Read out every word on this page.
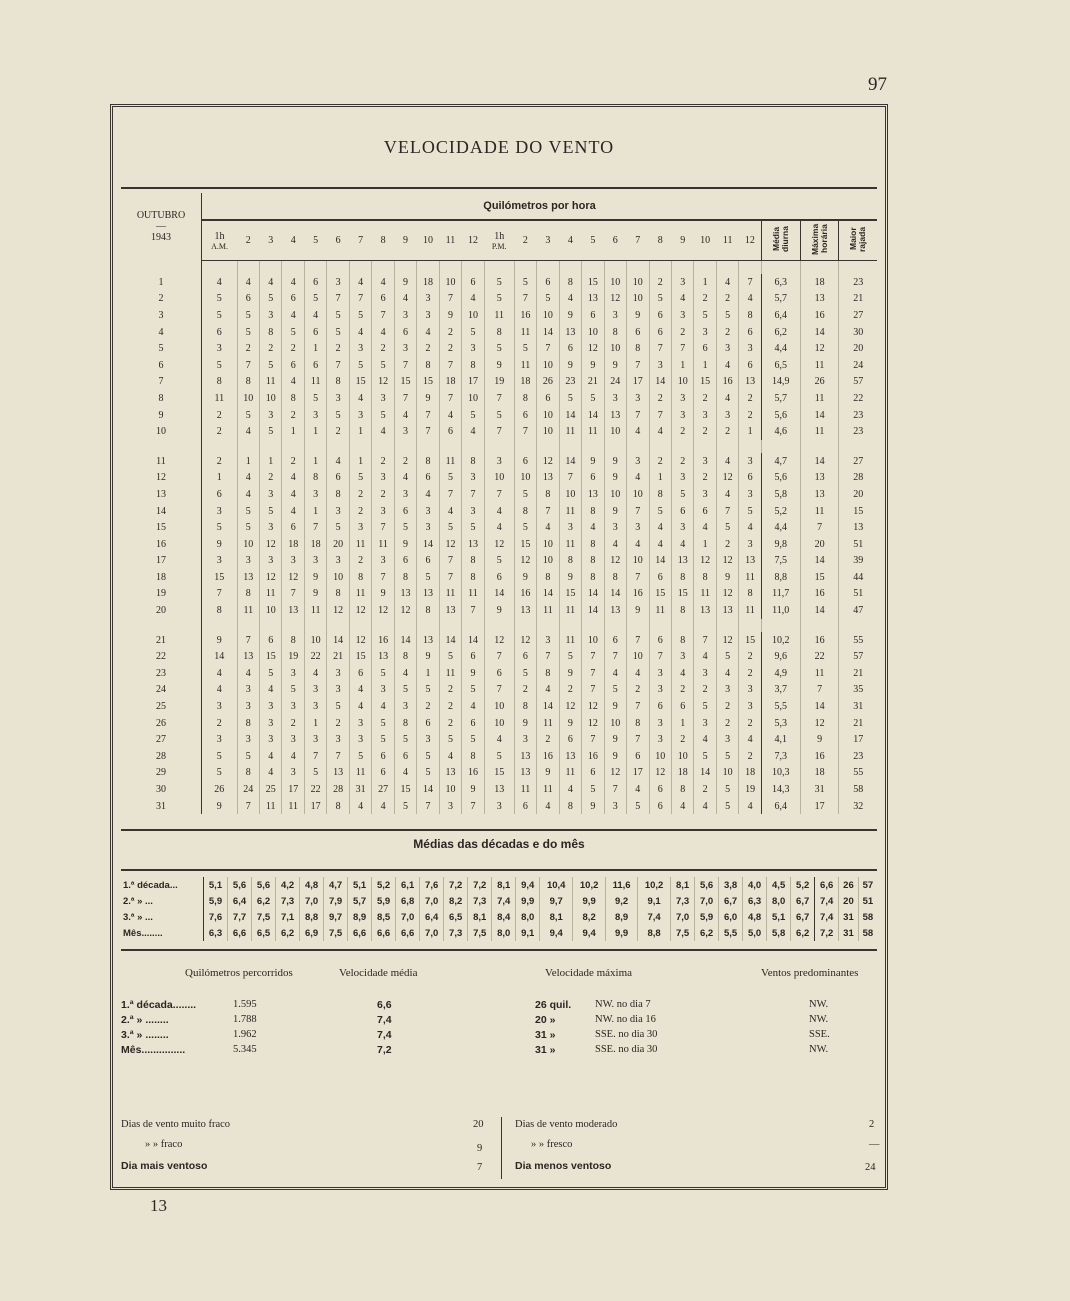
97
VELOCIDADE DO VENTO
OUTUBRO
—
1943	Quilómetros por hora																										
	1h
A.M.	2	3	4	5	6	7	8	9	10	11	12	1h
P.M.	2	3	4	5	6	7	8	9	10	11	12	Média diurna	Máxima horária	Maior rajada

1	4	4	4	4	6	3	4	4	9	18	10	6	5	5	6	8	15	10	10	2	3	1	4	7	6,3	18	23
2	5	6	5	6	5	7	7	6	4	3	7	4	5	7	5	4	13	12	10	5	4	2	2	4	5,7	13	21
3	5	5	3	4	4	5	5	7	3	3	9	10	11	16	10	9	6	3	9	6	3	5	5	8	6,4	16	27
4	6	5	8	5	6	5	4	4	6	4	2	5	8	11	14	13	10	8	6	6	2	3	2	6	6,2	14	30
5	3	2	2	2	1	2	3	2	3	2	2	3	5	5	7	6	12	10	8	7	7	6	3	3	4,4	12	20
6	5	7	5	6	6	7	5	5	7	8	7	8	9	11	10	9	9	9	7	3	1	1	4	6	6,5	11	24
7	8	8	11	4	11	8	15	12	15	15	18	17	19	18	26	23	21	24	17	14	10	15	16	13	14,9	26	57
8	11	10	10	8	5	3	4	3	7	9	7	10	7	8	6	5	5	3	3	2	3	2	4	2	5,7	11	22
9	2	5	3	2	3	5	3	5	4	7	4	5	5	6	10	14	14	13	7	7	3	3	3	2	5,6	14	23
10	2	4	5	1	1	2	1	4	3	7	6	4	7	7	10	11	11	10	4	4	2	2	2	1	4,6	11	23

11	2	1	1	2	1	4	1	2	2	8	11	8	3	6	12	14	9	9	3	2	2	3	4	3	4,7	14	27
12	1	4	2	4	8	6	5	3	4	6	5	3	10	10	13	7	6	9	4	1	3	2	12	6	5,6	13	28
13	6	4	3	4	3	8	2	2	3	4	7	7	7	5	8	10	13	10	10	8	5	3	4	3	5,8	13	20
14	3	5	5	4	1	3	2	3	6	3	4	3	4	8	7	11	8	9	7	5	6	6	7	5	5,2	11	15
15	5	5	3	6	7	5	3	7	5	3	5	5	4	5	4	3	4	3	3	4	3	4	5	4	4,4	7	13
16	9	10	12	18	18	20	11	11	9	14	12	13	12	15	10	11	8	4	4	4	4	1	2	3	9,8	20	51
17	3	3	3	3	3	3	2	3	6	6	7	8	5	12	10	8	8	12	10	14	13	12	12	13	7,5	14	39
18	15	13	12	12	9	10	8	7	8	5	7	8	6	9	8	9	8	8	7	6	8	8	9	11	8,8	15	44
19	7	8	11	7	9	8	11	9	13	13	11	11	14	16	14	15	14	14	16	15	15	11	12	8	11,7	16	51
20	8	11	10	13	11	12	12	12	12	8	13	7	9	13	11	11	14	13	9	11	8	13	13	11	11,0	14	47

21	9	7	6	8	10	14	12	16	14	13	14	14	12	12	3	11	10	6	7	6	8	7	12	15	10,2	16	55
22	14	13	15	19	22	21	15	13	8	9	5	6	7	6	7	5	7	7	10	7	3	4	5	2	9,6	22	57
23	4	4	5	3	4	3	6	5	4	1	11	9	6	5	8	9	7	4	4	3	4	3	4	2	4,9	11	21
24	4	3	4	5	3	3	4	3	5	5	2	5	7	2	4	2	7	5	2	3	2	2	3	3	3,7	7	35
25	3	3	3	3	3	5	4	4	3	2	2	4	10	8	14	12	12	9	7	6	6	5	2	3	5,5	14	31
26	2	8	3	2	1	2	3	5	8	6	2	6	10	9	11	9	12	10	8	3	1	3	2	2	5,3	12	21
27	3	3	3	3	3	3	3	5	5	3	5	5	4	3	2	6	7	9	7	3	2	4	3	4	4,1	9	17
28	5	5	4	4	7	7	5	6	6	5	4	8	5	13	16	13	16	9	6	10	10	5	5	2	7,3	16	23
29	5	8	4	3	5	13	11	6	4	5	13	16	15	13	9	11	6	12	17	12	18	14	10	18	10,3	18	55
30	26	24	25	17	22	28	31	27	15	14	10	9	13	11	11	4	5	7	4	6	8	2	5	19	14,3	31	58
31	9	7	11	11	17	8	4	4	5	7	3	7	3	6	4	8	9	3	5	6	4	4	5	4	6,4	17	32
Médias das décadas e do mês
1.ª década...	5,1	5,6	5,6	4,2	4,8	4,7	5,1	5,2	6,1	7,6	7,2	7,2	8,1	9,4	10,4	10,2	11,6	10,2	8,1	5,6	3,8	4,0	4,5	5,2	6,6	26	57
2.ª » ...	5,9	6,4	6,2	7,3	7,0	7,9	5,7	5,9	6,8	7,0	8,2	7,3	7,4	9,9	9,7	9,9	9,2	9,1	7,3	7,0	6,7	6,3	8,0	6,7	7,4	20	51
3.ª » ...	7,6	7,7	7,5	7,1	8,8	9,7	8,9	8,5	7,0	6,4	6,5	8,1	8,4	8,0	8,1	8,2	8,9	7,4	7,0	5,9	6,0	4,8	5,1	6,7	7,4	31	58
Mês........	6,3	6,6	6,5	6,2	6,9	7,5	6,6	6,6	6,6	7,0	7,3	7,5	8,0	9,1	9,4	9,4	9,9	8,8	7,5	6,2	5,5	5,0	5,8	6,2	7,2	31	58
Quilómetros percorridos	Velocidade média	Velocidade máxima	Ventos predominantes
1.ª década........	1.595	6,6	26 quil. NW. no dia 7	NW.
2.ª » ........	1.788	7,4	20 »	NW. no dia 16	NW.
3.ª » ........	1.962	7,4	31 »	SSE. no dia 30	SSE.
Mês...............	5.345	7,2	31 »	SSE. no dia 30	NW.
Dias de vento muito fraco	20	Dias de vento moderado	2
» » fraco	9	» » fresco	—
Dia mais ventoso	7	Dia menos ventoso	24
13
